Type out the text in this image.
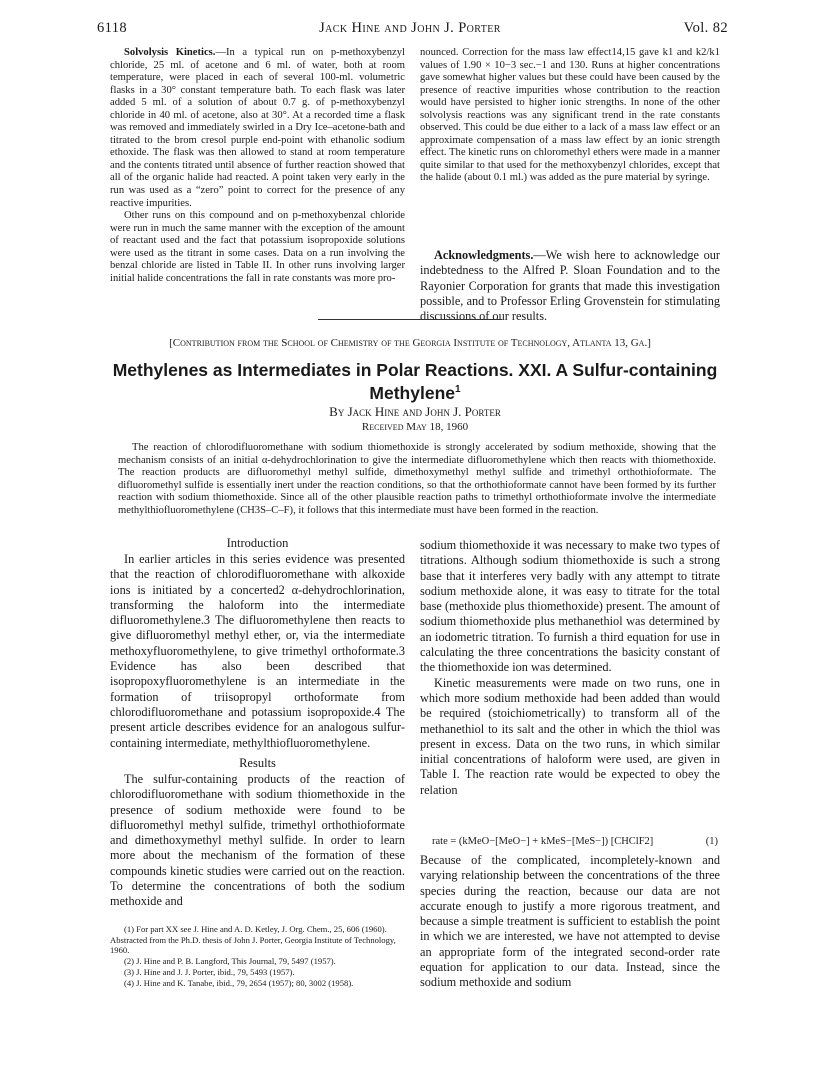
6118	Jack Hine and John J. Porter	Vol. 82

Solvolysis Kinetics.—In a typical run on p-methoxybenzyl chloride, 25 ml. of acetone and 6 ml. of water, both at room temperature, were placed in each of several 100-ml. volumetric flasks in a 30° constant temperature bath. To each flask was later added 5 ml. of a solution of about 0.7 g. of p-methoxybenzyl chloride in 40 ml. of acetone, also at 30°. At a recorded time a flask was removed and immediately swirled in a Dry Ice–acetone-bath and titrated to the brom cresol purple end-point with ethanolic sodium ethoxide. The flask was then allowed to stand at room temperature and the contents titrated until absence of further reaction showed that all of the organic halide had reacted. A point taken very early in the run was used as a “zero” point to correct for the presence of any reactive impurities.

Other runs on this compound and on p-methoxybenzal chloride were run in much the same manner with the exception of the amount of reactant used and the fact that potassium isopropoxide solutions were used as the titrant in some cases. Data on a run involving the benzal chloride are listed in Table II. In other runs involving larger initial halide concentrations the fall in rate constants was more pro-

nounced. Correction for the mass law effect14,15 gave k1 and k2/k1 values of 1.90 × 10−3 sec.−1 and 130. Runs at higher concentrations gave somewhat higher values but these could have been caused by the presence of reactive impurities whose contribution to the reaction would have persisted to higher ionic strengths. In none of the other solvolysis reactions was any significant trend in the rate constants observed. This could be due either to a lack of a mass law effect or an approximate compensation of a mass law effect by an ionic strength effect. The kinetic runs on chloromethyl ethers were made in a manner quite similar to that used for the methoxybenzyl chlorides, except that the halide (about 0.1 ml.) was added as the pure material by syringe.

Acknowledgments.—We wish here to acknowledge our indebtedness to the Alfred P. Sloan Foundation and to the Rayonier Corporation for grants that made this investigation possible, and to Professor Erling Grovenstein for stimulating discussions of our results.

[Contribution from the School of Chemistry of the Georgia Institute of Technology, Atlanta 13, Ga.]
Methylenes as Intermediates in Polar Reactions. XXI. A Sulfur-containing
Methylene$^1$
By Jack Hine and John J. Porter
Received May 18, 1960

The reaction of chlorodifluoromethane with sodium thiomethoxide is strongly accelerated by sodium methoxide, showing that the mechanism consists of an initial α-dehydrochlorination to give the intermediate difluoromethylene which then reacts with thiomethoxide. The reaction products are difluoromethyl methyl sulfide, dimethoxymethyl methyl sulfide and trimethyl orthothioformate. The difluoromethyl sulfide is essentially inert under the reaction conditions, so that the orthothioformate cannot have been formed by its further reaction with sodium thiomethoxide. Since all of the other plausible reaction paths to trimethyl orthothioformate involve the intermediate methylthiofluoromethylene (CH3S–C–F), it follows that this intermediate must have been formed in the reaction.

Introduction

In earlier articles in this series evidence was presented that the reaction of chlorodifluoromethane with alkoxide ions is initiated by a concerted2 α-dehydrochlorination, transforming the haloform into the intermediate difluoromethylene.3 The difluoromethylene then reacts to give difluoromethyl methyl ether, or, via the intermediate methoxyfluoromethylene, to give trimethyl orthoformate.3 Evidence has also been described that isopropoxyfluoromethylene is an intermediate in the formation of triisopropyl orthoformate from chlorodifluoromethane and potassium isopropoxide.4 The present article describes evidence for an analogous sulfur-containing intermediate, methylthiofluoromethylene.

Results

The sulfur-containing products of the reaction of chlorodifluoromethane with sodium thiomethoxide in the presence of sodium methoxide were found to be difluoromethyl methyl sulfide, trimethyl orthothioformate and dimethoxymethyl methyl sulfide. In order to learn more about the mechanism of the formation of these compounds kinetic studies were carried out on the reaction. To determine the concentrations of both the sodium methoxide and

(1) For part XX see J. Hine and A. D. Ketley, J. Org. Chem., 25, 606 (1960). Abstracted from the Ph.D. thesis of John J. Porter, Georgia Institute of Technology, 1960.

(2) J. Hine and P. B. Langford, This Journal, 79, 5497 (1957).

(3) J. Hine and J. J. Porter, ibid., 79, 5493 (1957).

(4) J. Hine and K. Tanabe, ibid., 79, 2654 (1957); 80, 3002 (1958).

sodium thiomethoxide it was necessary to make two types of titrations. Although sodium thiomethoxide is such a strong base that it interferes very badly with any attempt to titrate sodium methoxide alone, it was easy to titrate for the total base (methoxide plus thiomethoxide) present. The amount of sodium thiomethoxide plus methanethiol was determined by an iodometric titration. To furnish a third equation for use in calculating the three concentrations the basicity constant of the thiomethoxide ion was determined.

Kinetic measurements were made on two runs, one in which more sodium methoxide had been added than would be required (stoichiometrically) to transform all of the methanethiol to its salt and the other in which the thiol was present in excess. Data on the two runs, in which similar initial concentrations of haloform were used, are given in Table I. The reaction rate would be expected to obey the relation

rate = (kMeO−[MeO−] + kMeS−[MeS−]) [CHClF2]	(1)

Because of the complicated, incompletely-known and varying relationship between the concentrations of the three species during the reaction, because our data are not accurate enough to justify a more rigorous treatment, and because a simple treatment is sufficient to establish the point in which we are interested, we have not attempted to devise an appropriate form of the integrated second-order rate equation for application to our data. Instead, since the sodium methoxide and sodium
